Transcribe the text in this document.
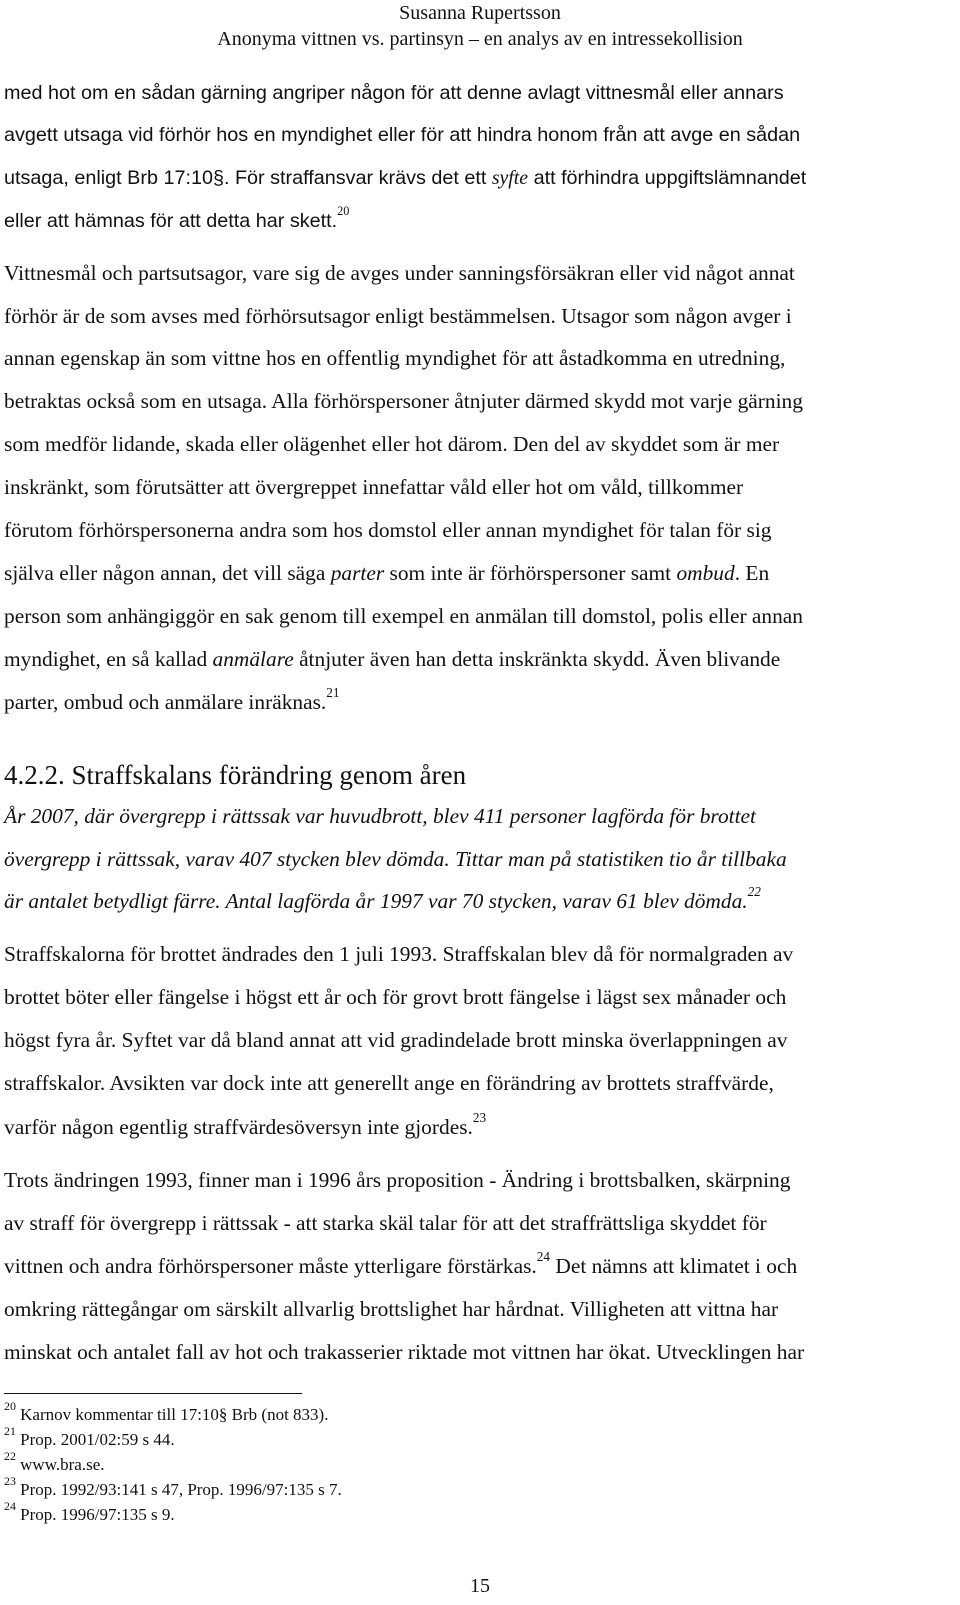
Susanna Rupertsson
Anonyma vittnen vs. partinsyn – en analys av en intressekollision
med hot om en sådan gärning angriper någon för att denne avlagt vittnesmål eller annars
avgett utsaga vid förhör hos en myndighet eller för att hindra honom från att avge en sådan
utsaga, enligt Brb 17:10§. För straffansvar krävs det ett syfte att förhindra uppgiftslämnandet
eller att hämnas för att detta har skett.$^{20}$
Vittnesmål och partsutsagor, vare sig de avges under sanningsförsäkran eller vid något annat
förhör är de som avses med förhörsutsagor enligt bestämmelsen. Utsagor som någon avger i
annan egenskap än som vittne hos en offentlig myndighet för att åstadkomma en utredning,
betraktas också som en utsaga. Alla förhörspersoner åtnjuter därmed skydd mot varje gärning
som medför lidande, skada eller olägenhet eller hot därom. Den del av skyddet som är mer
inskränkt, som förutsätter att övergreppet innefattar våld eller hot om våld, tillkommer
förutom förhörspersonerna andra som hos domstol eller annan myndighet för talan för sig
själva eller någon annan, det vill säga parter som inte är förhörspersoner samt ombud. En
person som anhängiggör en sak genom till exempel en anmälan till domstol, polis eller annan
myndighet, en så kallad anmälare åtnjuter även han detta inskränkta skydd. Även blivande
parter, ombud och anmälare inräknas.$^{21}$
4.2.2. Straffskalans förändring genom åren
År 2007, där övergrepp i rättssak var huvudbrott, blev 411 personer lagförda för brottet
övergrepp i rättssak, varav 407 stycken blev dömda. Tittar man på statistiken tio år tillbaka
är antalet betydligt färre. Antal lagförda år 1997 var 70 stycken, varav 61 blev dömda.$^{22}$
Straffskalorna för brottet ändrades den 1 juli 1993. Straffskalan blev då för normalgraden av
brottet böter eller fängelse i högst ett år och för grovt brott fängelse i lägst sex månader och
högst fyra år. Syftet var då bland annat att vid gradindelade brott minska överlappningen av
straffskalor. Avsikten var dock inte att generellt ange en förändring av brottets straffvärde,
varför någon egentlig straffvärdesöversyn inte gjordes.$^{23}$
Trots ändringen 1993, finner man i 1996 års proposition - Ändring i brottsbalken, skärpning
av straff för övergrepp i rättssak - att starka skäl talar för att det straffrättsliga skyddet för
vittnen och andra förhörspersoner måste ytterligare förstärkas.$^{24}$ Det nämns att klimatet i och
omkring rättegångar om särskilt allvarlig brottslighet har hårdnat. Villigheten att vittna har
minskat och antalet fall av hot och trakasserier riktade mot vittnen har ökat. Utvecklingen har
$^{20}$ Karnov kommentar till 17:10§ Brb (not 833).
$^{21}$ Prop. 2001/02:59 s 44.
$^{22}$ www.bra.se.
$^{23}$ Prop. 1992/93:141 s 47, Prop. 1996/97:135 s 7.
$^{24}$ Prop. 1996/97:135 s 9.
15
